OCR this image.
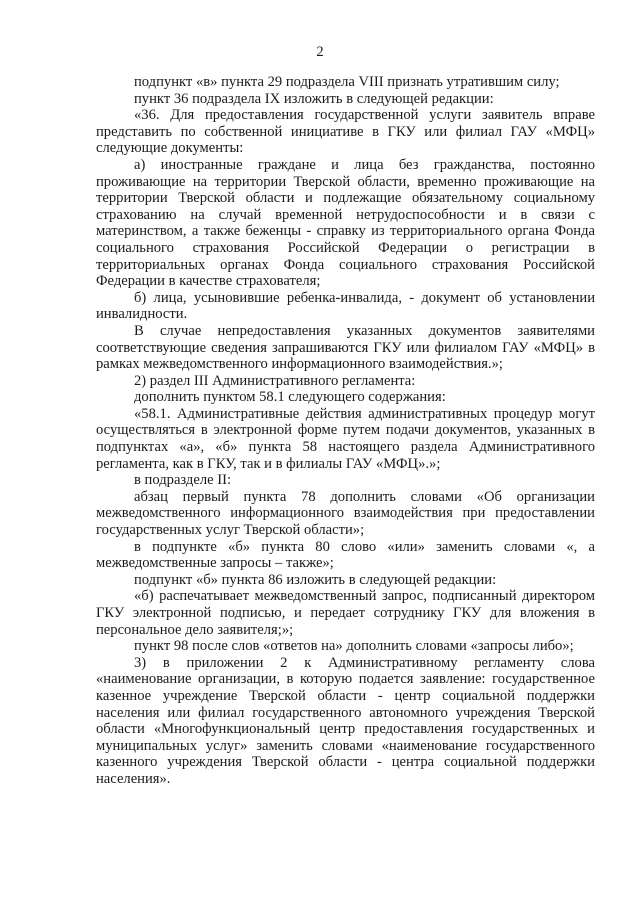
2

подпункт «в» пункта 29 подраздела VIII признать утратившим силу;

пункт 36 подраздела IX изложить в следующей редакции:

«36. Для предоставления государственной услуги заявитель вправе представить по собственной инициативе в ГКУ или филиал ГАУ «МФЦ» следующие документы:

а) иностранные граждане и лица без гражданства, постоянно проживающие на территории Тверской области, временно проживающие на территории Тверской области и подлежащие обязательному социальному страхованию на случай временной нетрудоспособности и в связи с материнством, а также беженцы - справку из территориального органа Фонда социального страхования Российской Федерации о регистрации в территориальных органах Фонда социального страхования Российской Федерации в качестве страхователя;

б) лица, усыновившие ребенка-инвалида, - документ об установлении инвалидности.

В случае непредоставления указанных документов заявителями соответствующие сведения запрашиваются ГКУ или филиалом ГАУ «МФЦ» в рамках межведомственного информационного взаимодействия.»;

2) раздел III Административного регламента:

дополнить пунктом 58.1 следующего содержания:

«58.1. Административные действия административных процедур могут осуществляться в электронной форме путем подачи документов, указанных в подпунктах «а», «б» пункта 58 настоящего раздела Административного регламента, как в ГКУ, так и в филиалы ГАУ «МФЦ».»;

в подразделе II:

абзац первый пункта 78 дополнить словами «Об организации межведомственного информационного взаимодействия при предоставлении государственных услуг Тверской области»;

в подпункте «б» пункта 80 слово «или» заменить словами «, а межведомственные запросы – также»;

подпункт «б» пункта 86 изложить в следующей редакции:

«б) распечатывает межведомственный запрос, подписанный директором ГКУ электронной подписью, и передает сотруднику ГКУ для вложения в персональное дело заявителя;»;

пункт 98 после слов «ответов на» дополнить словами «запросы либо»;

3) в приложении 2 к Административному регламенту слова «наименование организации, в которую подается заявление: государственное казенное учреждение Тверской области - центр социальной поддержки населения или филиал государственного автономного учреждения Тверской области «Многофункциональный центр предоставления государственных и муниципальных услуг» заменить словами «наименование государственного казенного учреждения Тверской области - центра социальной поддержки населения».
